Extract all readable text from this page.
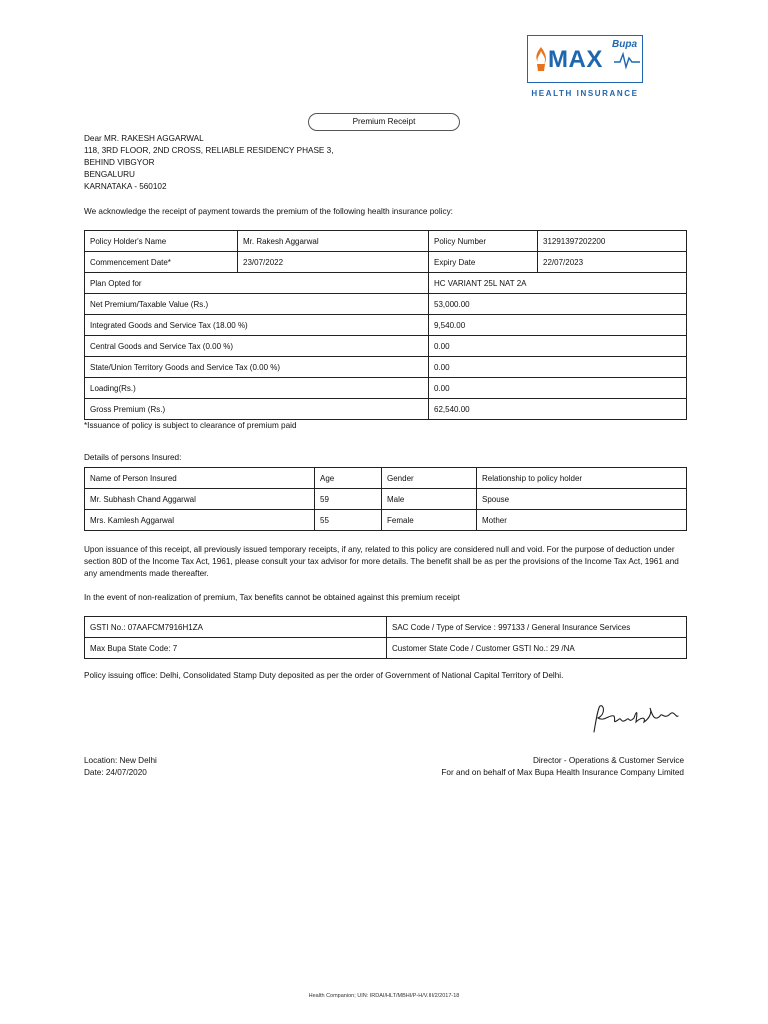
MAX
Bupa
HEALTH INSURANCE
Premium Receipt
Dear MR. RAKESH AGGARWAL
118, 3RD FLOOR, 2ND CROSS, RELIABLE RESIDENCY PHASE 3,
BEHIND VIBGYOR
BENGALURU
KARNATAKA - 560102
We acknowledge the receipt of payment towards the premium of the following health insurance policy:
Policy Holder's Name	Mr. Rakesh Aggarwal	Policy Number	31291397202200
Commencement Date*	23/07/2022	Expiry Date	22/07/2023
Plan Opted for		HC VARIANT 25L NAT 2A	
Net Premium/Taxable Value (Rs.)		53,000.00	
Integrated Goods and Service Tax (18.00 %)		9,540.00	
Central Goods and Service Tax (0.00 %)		0.00	
State/Union Territory Goods and Service Tax (0.00 %)		0.00	
Loading(Rs.)		0.00	
Gross Premium (Rs.)		62,540.00	
*Issuance of policy is subject to clearance of premium paid
Details of persons Insured:
Name of Person Insured	Age	Gender	Relationship to policy holder
Mr. Subhash Chand Aggarwal	59	Male	Spouse
Mrs. Kamlesh Aggarwal	55	Female	Mother
Upon issuance of this receipt, all previously issued temporary receipts, if any, related to this policy are considered null and void. For the purpose of deduction under section 80D of the Income Tax Act, 1961, please consult your tax advisor for more details. The benefit shall be as per the provisions of the Income Tax Act, 1961 and any amendments made thereafter.
In the event of non-realization of premium, Tax benefits cannot be obtained against this premium receipt
GSTI No.: 07AAFCM7916H1ZA	SAC Code / Type of Service : 997133 / General Insurance Services
Max Bupa State Code: 7	Customer State Code / Customer GSTI No.: 29 /NA
Policy issuing office: Delhi, Consolidated Stamp Duty deposited as per the order of Government of National Capital Territory of Delhi.
Location: New Delhi
Date: 24/07/2020
Director - Operations & Customer Service
For and on behalf of Max Bupa Health Insurance Company Limited
Health Companion; UIN: IRDAI/HLT/MBHI/P-H/V.III/2/2017-18
